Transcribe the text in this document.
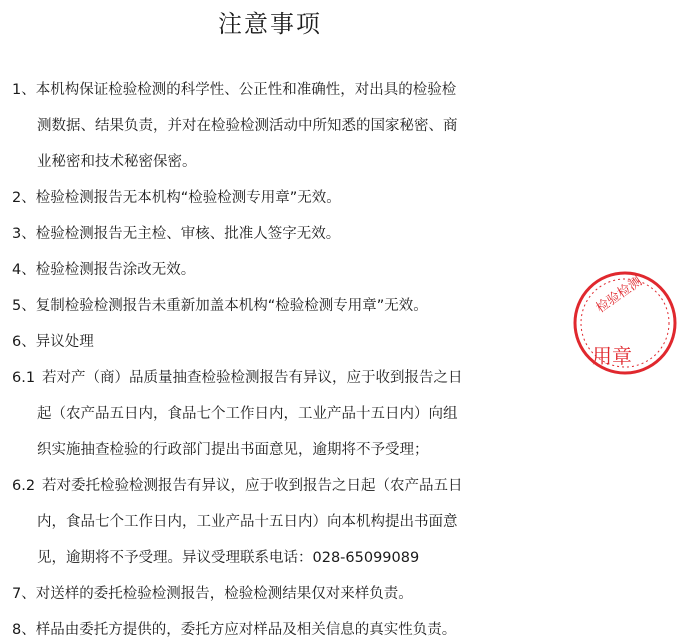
注意事项
1、本机构保证检验检测的科学性、公正性和准确性，对出具的检验检
测数据、结果负责，并对在检验检测活动中所知悉的国家秘密、商
业秘密和技术秘密保密。
2、检验检测报告无本机构“检验检测专用章”无效。
3、检验检测报告无主检、审核、批准人签字无效。
4、检验检测报告涂改无效。
5、复制检验检测报告未重新加盖本机构“检验检测专用章”无效。
6、异议处理
6.1 若对产（商）品质量抽查检验检测报告有异议，应于收到报告之日
起（农产品五日内，食品七个工作日内，工业产品十五日内）向组
织实施抽查检验的行政部门提出书面意见，逾期将不予受理；
6.2 若对委托检验检测报告有异议，应于收到报告之日起（农产品五日
内，食品七个工作日内，工业产品十五日内）向本机构提出书面意
见，逾期将不予受理。异议受理联系电话：028-65099089
7、对送样的委托检验检测报告，检验检测结果仅对来样负责。
8、样品由委托方提供的，委托方应对样品及相关信息的真实性负责。
检验检测
用章
